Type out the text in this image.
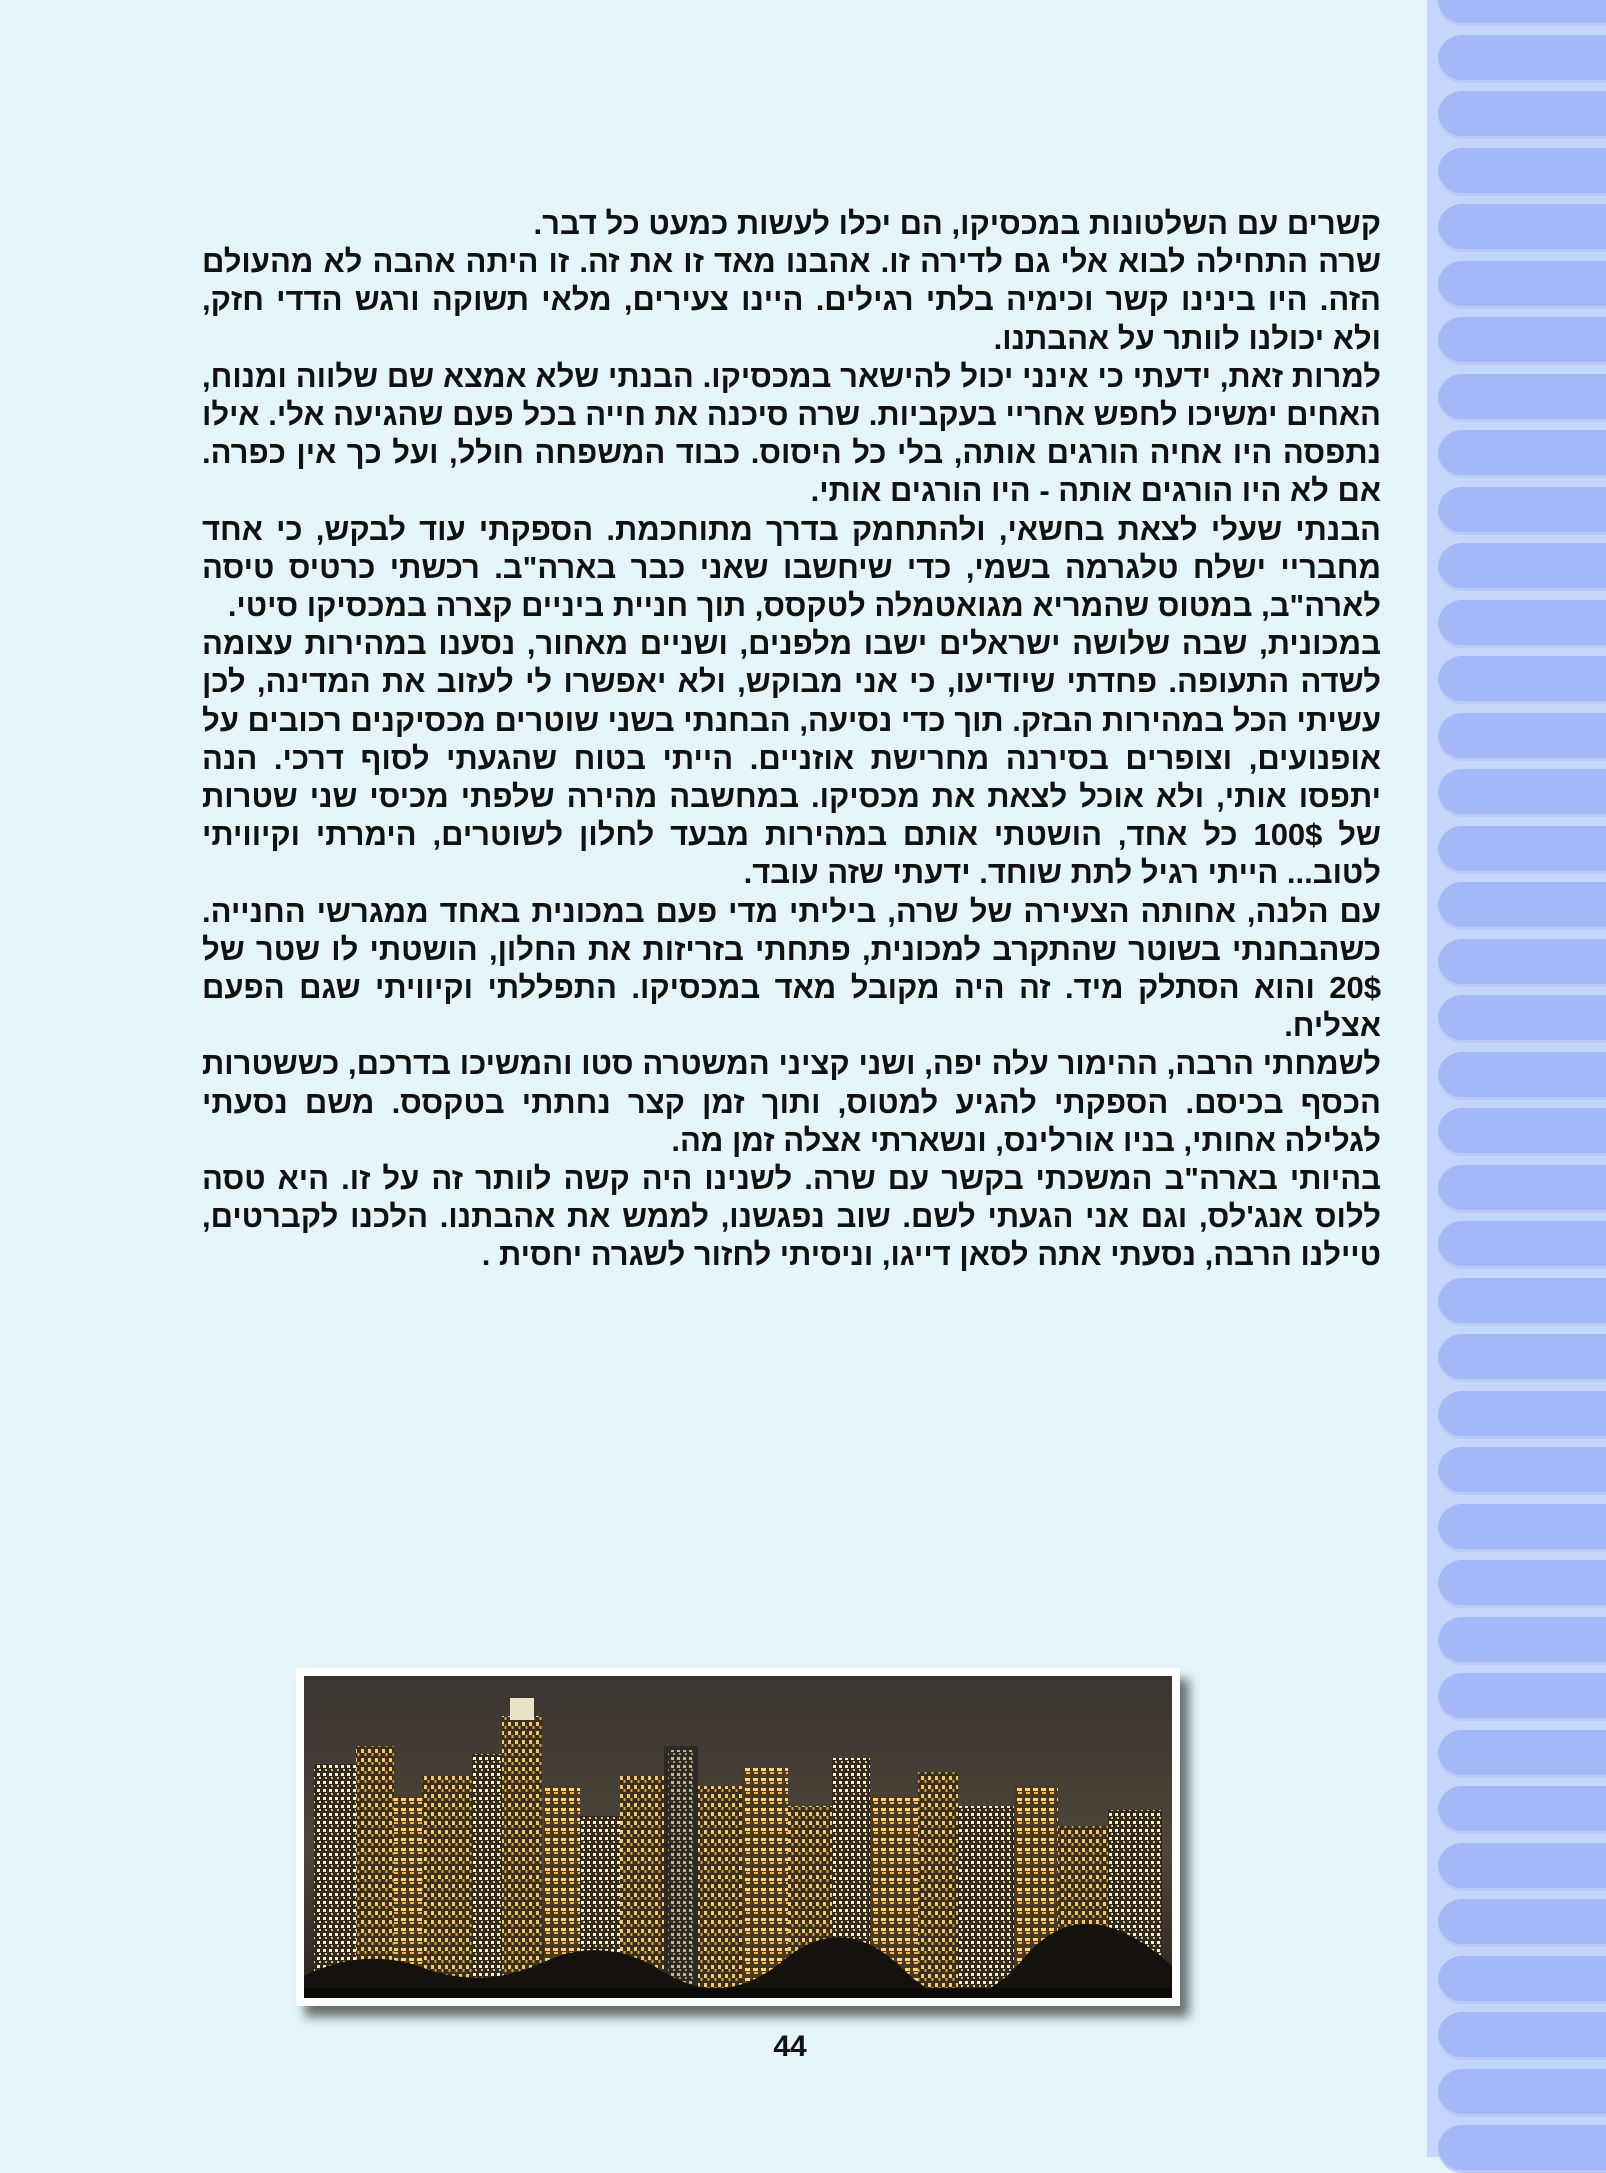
קשרים עם השלטונות במכסיקו, הם יכלו לעשות כמעט כל דבר.

שרה התחילה לבוא אלי גם לדירה זו. אהבנו מאד זו את זה. זו היתה אהבה לא מהעולם הזה. היו בינינו קשר וכימיה בלתי רגילים. היינו צעירים, מלאי תשוקה ורגש הדדי חזק, ולא יכולנו לוותר על אהבתנו.

למרות זאת, ידעתי כי אינני יכול להישאר במכסיקו. הבנתי שלא אמצא שם שלווה ומנוח, האחים ימשיכו לחפש אחריי בעקביות. שרה סיכנה את חייה בכל פעם שהגיעה אלי. אילו נתפסה היו אחיה הורגים אותה, בלי כל היסוס. כבוד המשפחה חולל, ועל כך אין כפרה. אם לא היו הורגים אותה - היו הורגים אותי.

הבנתי שעלי לצאת בחשאי, ולהתחמק בדרך מתוחכמת. הספקתי עוד לבקש, כי אחד מחבריי ישלח טלגרמה בשמי, כדי שיחשבו שאני כבר בארה"ב. רכשתי כרטיס טיסה לארה"ב, במטוס שהמריא מגואטמלה לטקסס, תוך חניית ביניים קצרה במכסיקו סיטי.

במכונית, שבה שלושה ישראלים ישבו מלפנים, ושניים מאחור, נסענו במהירות עצומה לשדה התעופה. פחדתי שיודיעו, כי אני מבוקש, ולא יאפשרו לי לעזוב את המדינה, לכן עשיתי הכל במהירות הבזק. תוך כדי נסיעה, הבחנתי בשני שוטרים מכסיקנים רכובים על אופנועים, וצופרים בסירנה מחרישת אוזניים. הייתי בטוח שהגעתי לסוף דרכי. הנה יתפסו אותי, ולא אוכל לצאת את מכסיקו. במחשבה מהירה שלפתי מכיסי שני שטרות של 100$ כל אחד, הושטתי אותם במהירות מבעד לחלון לשוטרים, הימרתי וקיוויתי לטוב... הייתי רגיל לתת שוחד. ידעתי שזה עובד.

עם הלנה, אחותה הצעירה של שרה, ביליתי מדי פעם במכונית באחד ממגרשי החנייה. כשהבחנתי בשוטר שהתקרב למכונית, פתחתי בזריזות את החלון, הושטתי לו שטר של 20$ והוא הסתלק מיד. זה היה מקובל מאד במכסיקו. התפללתי וקיוויתי שגם הפעם אצליח.

לשמחתי הרבה, ההימור עלה יפה, ושני קציני המשטרה סטו והמשיכו בדרכם, כששטרות הכסף בכיסם. הספקתי להגיע למטוס, ותוך זמן קצר נחתתי בטקסס. משם נסעתי לגלילה אחותי, בניו אורלינס, ונשארתי אצלה זמן מה.

בהיותי בארה"ב המשכתי בקשר עם שרה. לשנינו היה קשה לוותר זה על זו. היא טסה ללוס אנג'לס, וגם אני הגעתי לשם. שוב נפגשנו, לממש את אהבתנו. הלכנו לקברטים, טיילנו הרבה, נסעתי אתה לסאן דייגו, וניסיתי לחזור לשגרה יחסית .

44
